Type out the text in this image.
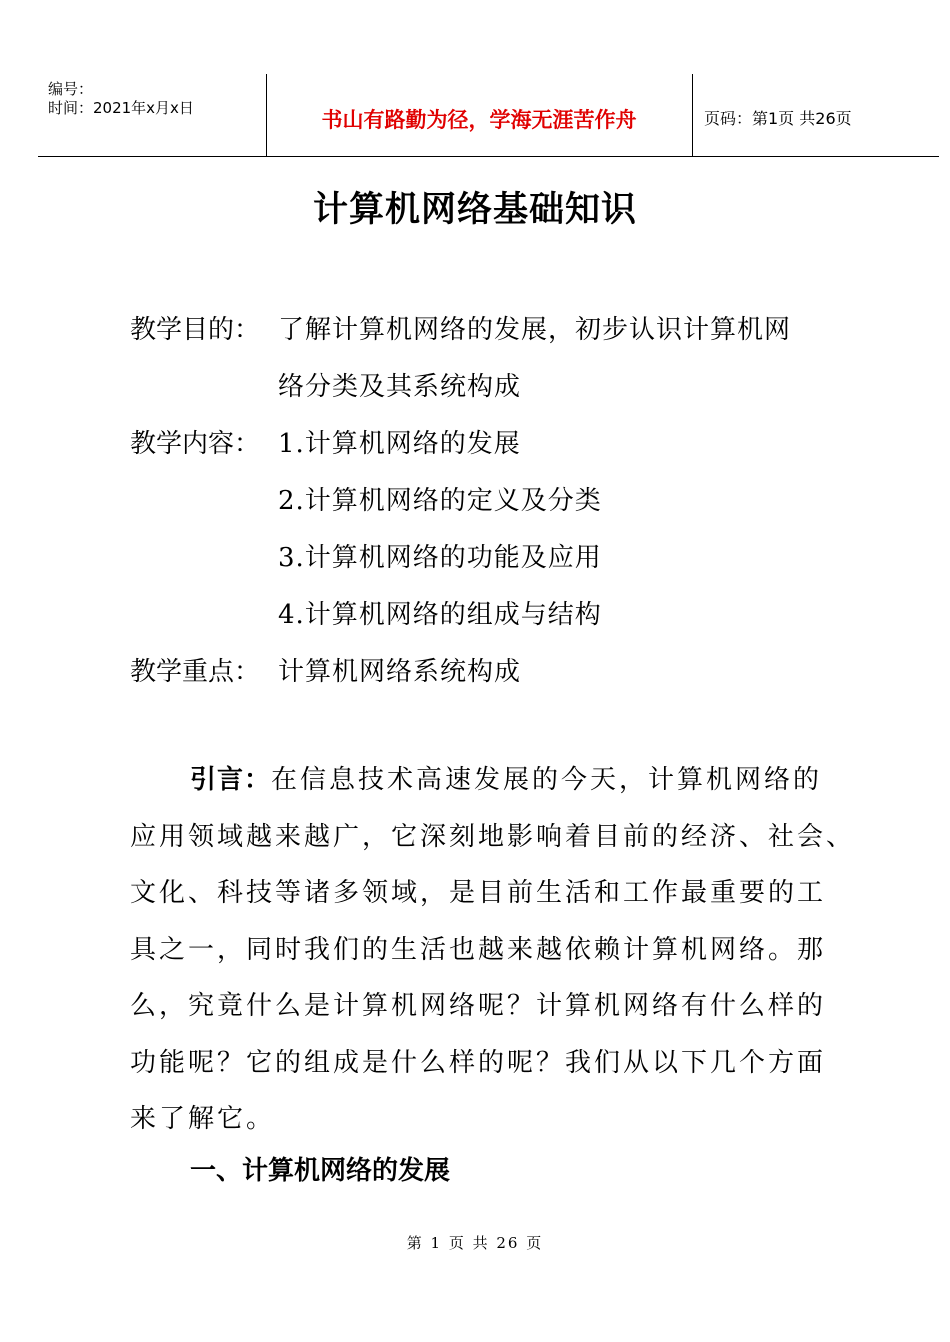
编号：
时间：2021年x月x日	书山有路勤为径，学海无涯苦作舟	页码：第1页 共26页
计算机网络基础知识
教学目的： 了解计算机网络的发展，初步认识计算机网
络分类及其系统构成
教学内容： 1.计算机网络的发展
2.计算机网络的定义及分类
3.计算机网络的功能及应用
4.计算机网络的组成与结构
教学重点： 计算机网络系统构成
引言：在信息技术高速发展的今天，计算机网络的
应用领域越来越广，它深刻地影响着目前的经济、社会、
文化、科技等诸多领域，是目前生活和工作最重要的工
具之一，同时我们的生活也越来越依赖计算机网络。那
么，究竟什么是计算机网络呢？计算机网络有什么样的
功能呢？它的组成是什么样的呢？我们从以下几个方面
来了解它。
一、计算机网络的发展
第 1 页 共 26 页
